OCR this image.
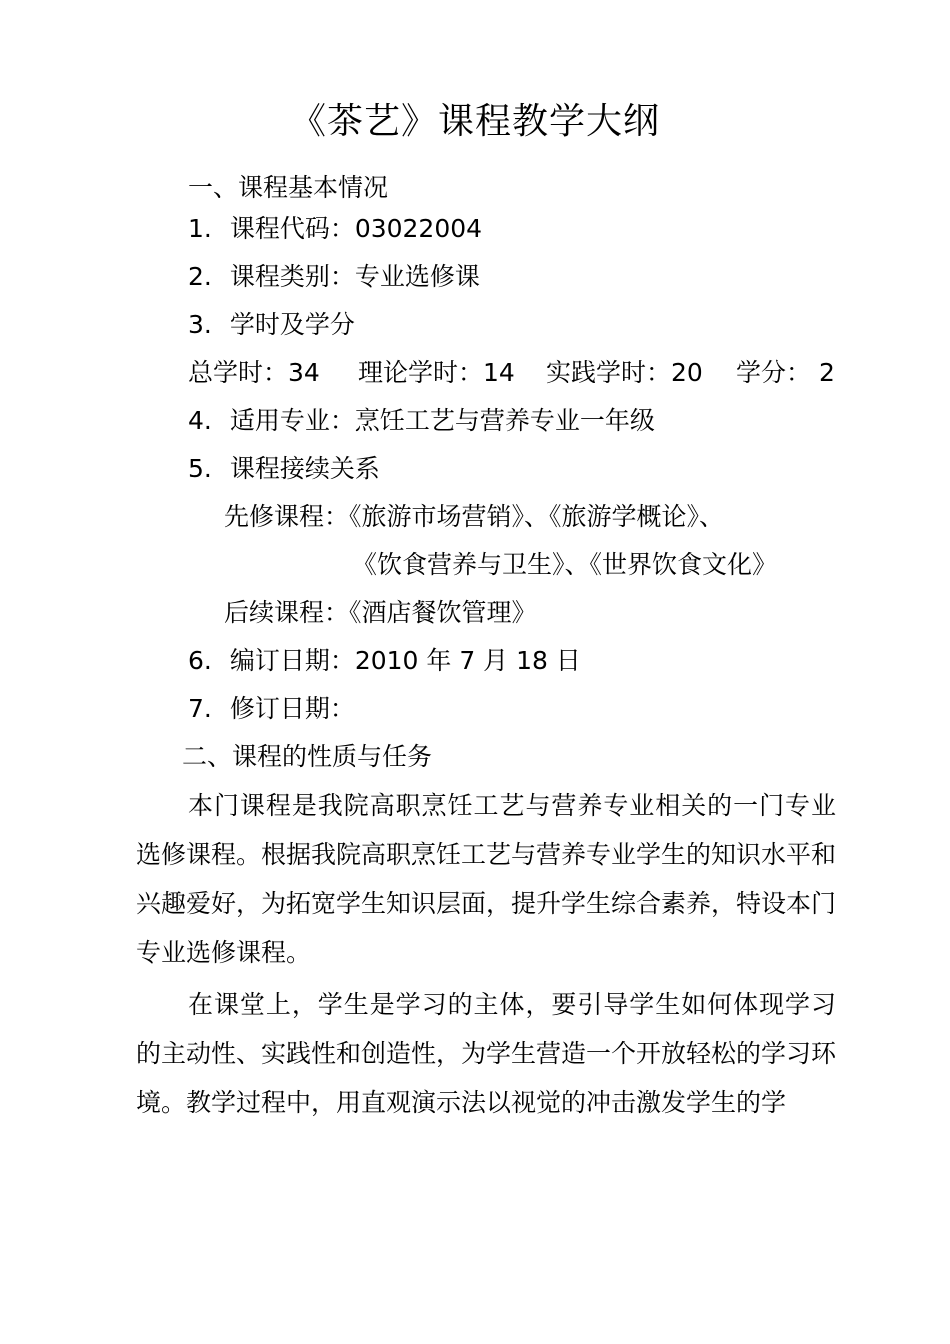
《茶艺》课程教学大纲
一、课程基本情况
1. 课程代码：03022004
2. 课程类别：专业选修课
3. 学时及学分
总学时：34 理论学时：14 实践学时：20 学分： 2
4. 适用专业：烹饪工艺与营养专业一年级
5. 课程接续关系
先修课程：《旅游市场营销》、《旅游学概论》、
《饮食营养与卫生》、《世界饮食文化》
后续课程：《酒店餐饮管理》
6. 编订日期：2010 年 7 月 18 日
7. 修订日期：
二、课程的性质与任务
本门课程是我院高职烹饪工艺与营养专业相关的一门专业选修课程。根据我院高职烹饪工艺与营养专业学生的知识水平和兴趣爱好，为拓宽学生知识层面，提升学生综合素养，特设本门专业选修课程。
在课堂上，学生是学习的主体，要引导学生如何体现学习的主动性、实践性和创造性，为学生营造一个开放轻松的学习环境。教学过程中，用直观演示法以视觉的冲击激发学生的学
